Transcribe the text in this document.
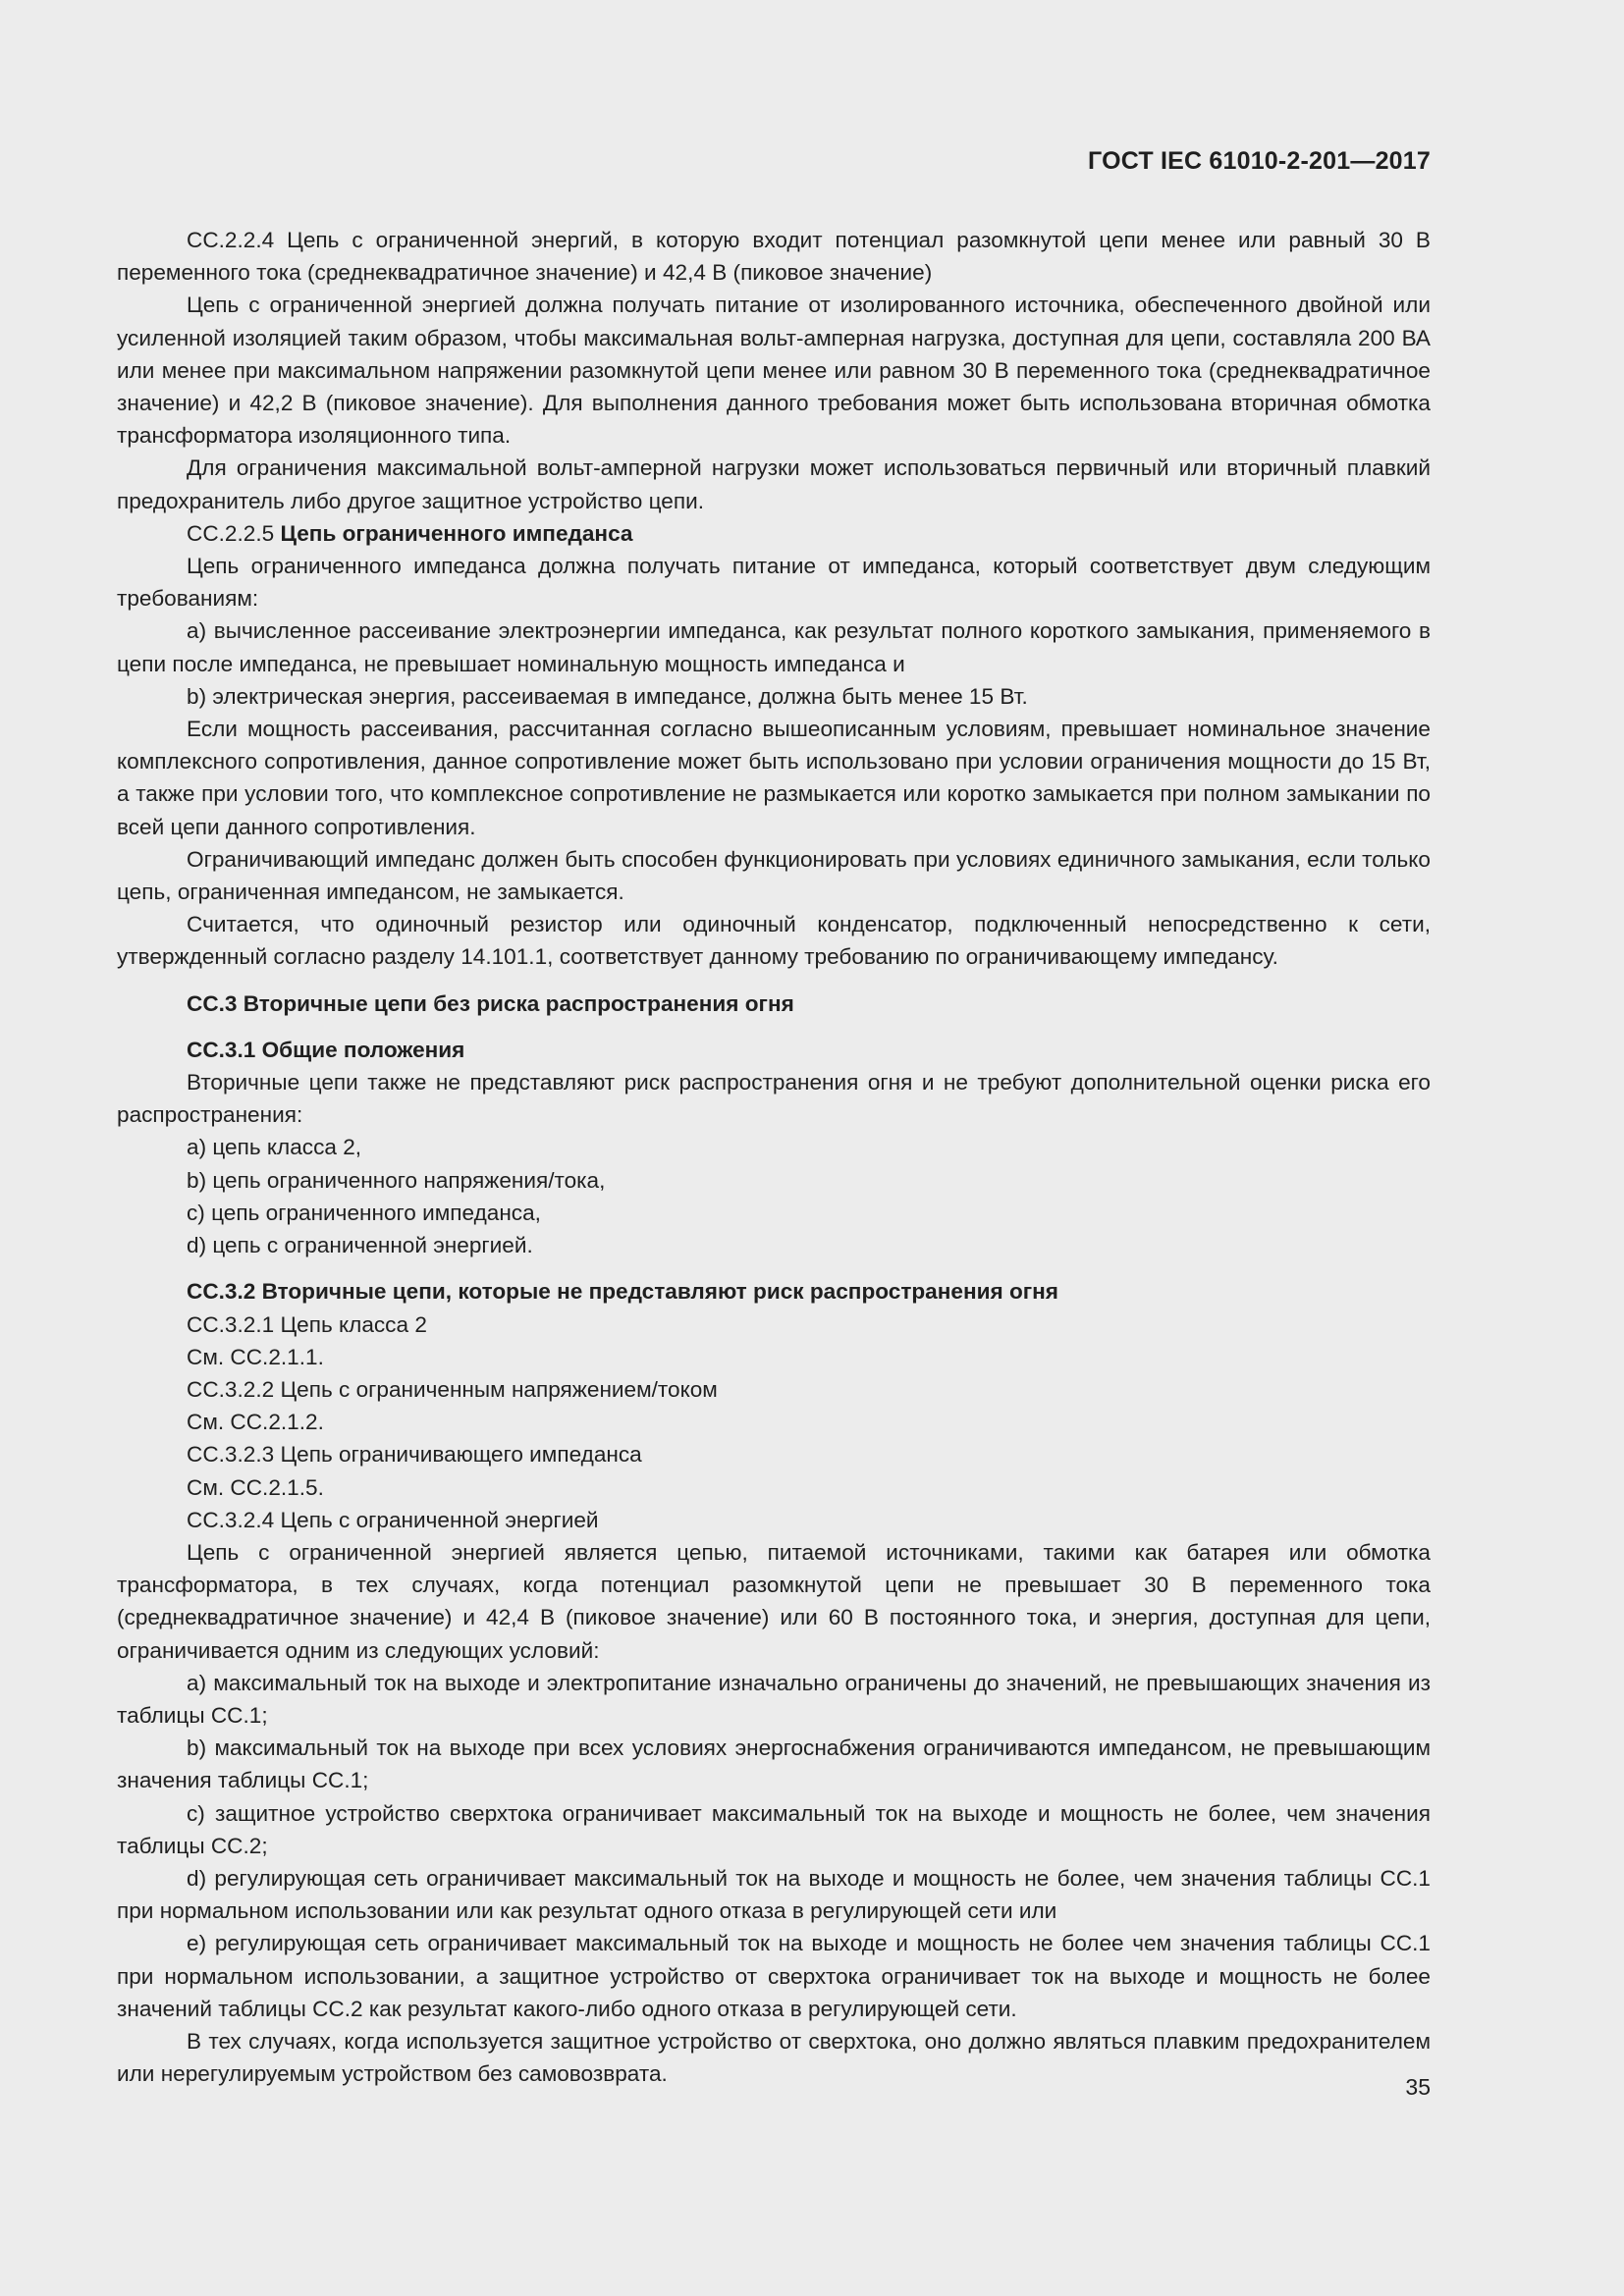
ГОСТ IEC 61010-2-201—2017

CC.2.2.4 Цепь с ограниченной энергий, в которую входит потенциал разомкнутой цепи менее или равный 30 В переменного тока (среднеквадратичное значение) и 42,4 В (пиковое значение)

Цепь с ограниченной энергией должна получать питание от изолированного источника, обеспеченного двойной или усиленной изоляцией таким образом, чтобы максимальная вольт-амперная нагрузка, доступная для цепи, составляла 200 ВА или менее при максимальном напряжении разомкнутой цепи менее или равном 30 В переменного тока (среднеквадратичное значение) и 42,2 В (пиковое значение). Для выполнения данного требования может быть использована вторичная обмотка трансформатора изоляционного типа.

Для ограничения максимальной вольт-амперной нагрузки может использоваться первичный или вторичный плавкий предохранитель либо другое защитное устройство цепи.

CC.2.2.5 Цепь ограниченного импеданса

Цепь ограниченного импеданса должна получать питание от импеданса, который соответствует двум следующим требованиям:

a) вычисленное рассеивание электроэнергии импеданса, как результат полного короткого замыкания, применяемого в цепи после импеданса, не превышает номинальную мощность импеданса и

b) электрическая энергия, рассеиваемая в импедансе, должна быть менее 15 Вт.

Если мощность рассеивания, рассчитанная согласно вышеописанным условиям, превышает номинальное значение комплексного сопротивления, данное сопротивление может быть использовано при условии ограничения мощности до 15 Вт, а также при условии того, что комплексное сопротивление не размыкается или коротко замыкается при полном замыкании по всей цепи данного сопротивления.

Ограничивающий импеданс должен быть способен функционировать при условиях единичного замыкания, если только цепь, ограниченная импедансом, не замыкается.

Считается, что одиночный резистор или одиночный конденсатор, подключенный непосредственно к сети, утвержденный согласно разделу 14.101.1, соответствует данному требованию по ограничивающему импедансу.

CC.3 Вторичные цепи без риска распространения огня

CC.3.1 Общие положения

Вторичные цепи также не представляют риск распространения огня и не требуют дополнительной оценки риска его распространения:

a) цепь класса 2,

b) цепь ограниченного напряжения/тока,

c) цепь ограниченного импеданса,

d) цепь с ограниченной энергией.

CC.3.2 Вторичные цепи, которые не представляют риск распространения огня

CC.3.2.1 Цепь класса 2

См. CC.2.1.1.

CC.3.2.2 Цепь с ограниченным напряжением/током

См. CC.2.1.2.

CC.3.2.3 Цепь ограничивающего импеданса

См. CC.2.1.5.

CC.3.2.4 Цепь с ограниченной энергией

Цепь с ограниченной энергией является цепью, питаемой источниками, такими как батарея или обмотка трансформатора, в тех случаях, когда потенциал разомкнутой цепи не превышает 30 В переменного тока (среднеквадратичное значение) и 42,4 В (пиковое значение) или 60 В постоянного тока, и энергия, доступная для цепи, ограничивается одним из следующих условий:

a) максимальный ток на выходе и электропитание изначально ограничены до значений, не превышающих значения из таблицы CC.1;

b) максимальный ток на выходе при всех условиях энергоснабжения ограничиваются импедансом, не превышающим значения таблицы CC.1;

c) защитное устройство сверхтока ограничивает максимальный ток на выходе и мощность не более, чем значения таблицы CC.2;

d) регулирующая сеть ограничивает максимальный ток на выходе и мощность не более, чем значения таблицы CC.1 при нормальном использовании или как результат одного отказа в регулирующей сети или

e) регулирующая сеть ограничивает максимальный ток на выходе и мощность не более чем значения таблицы CC.1 при нормальном использовании, а защитное устройство от сверхтока ограничивает ток на выходе и мощность не более значений таблицы CC.2 как результат какого-либо одного отказа в регулирующей сети.

В тех случаях, когда используется защитное устройство от сверхтока, оно должно являться плавким предохранителем или нерегулируемым устройством без самовозврата.

35
